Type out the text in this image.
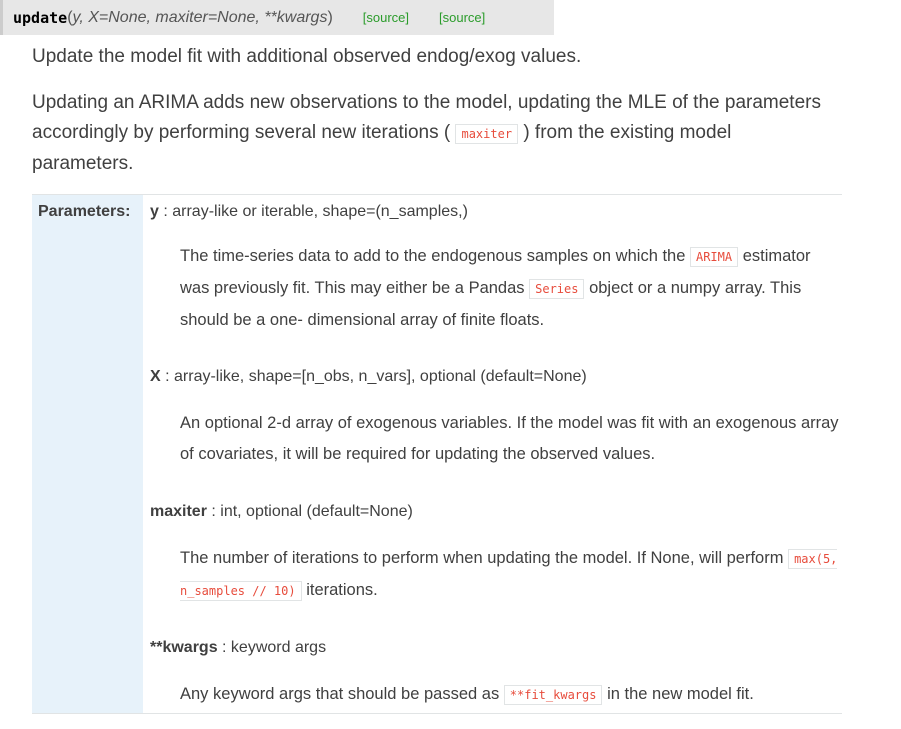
update ( y, X=None, maxiter=None, **kwargs ) [source] [source]
Update the model fit with additional observed endog/exog values.
Updating an ARIMA adds new observations to the model, updating the MLE of the parameters accordingly by performing several new iterations ( maxiter ) from the existing model parameters.
Parameters:	y : array-like or iterable, shape=(n_samples,)
The time-series data to add to the endogenous samples on which the ARIMA estimator was previously fit. This may either be a Pandas Series object or a numpy array. This should be a one- dimensional array of finite floats.
X : array-like, shape=[n_obs, n_vars], optional (default=None)
An optional 2-d array of exogenous variables. If the model was fit with an exogenous array of covariates, it will be required for updating the observed values.
maxiter : int, optional (default=None)
The number of iterations to perform when updating the model. If None, will perform max(5, n_samples // 10) iterations.
**kwargs : keyword args
Any keyword args that should be passed as **fit_kwargs in the new model fit.
